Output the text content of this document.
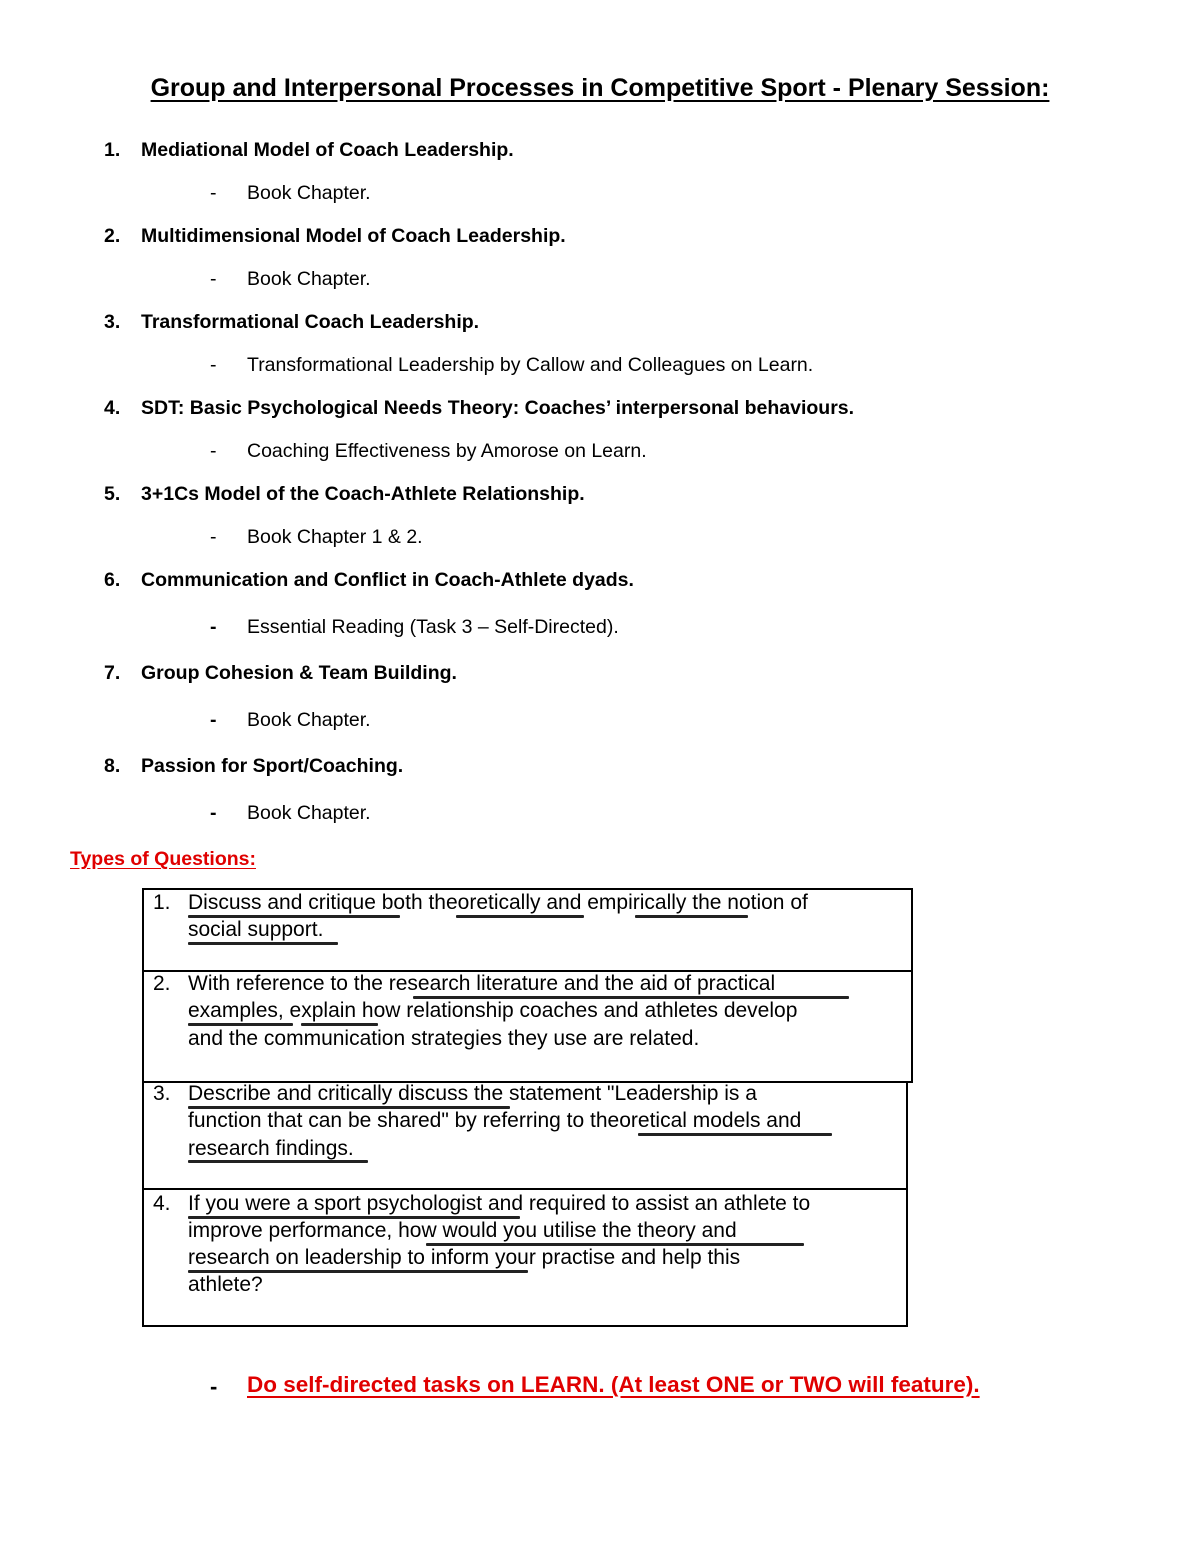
Group and Interpersonal Processes in Competitive Sport - Plenary Session:
1. Mediational Model of Coach Leadership.
- Book Chapter.
2. Multidimensional Model of Coach Leadership.
- Book Chapter.
3. Transformational Coach Leadership.
- Transformational Leadership by Callow and Colleagues on Learn.
4. SDT: Basic Psychological Needs Theory: Coaches’ interpersonal behaviours.
- Coaching Effectiveness by Amorose on Learn.
5. 3+1Cs Model of the Coach-Athlete Relationship.
- Book Chapter 1 & 2.
6. Communication and Conflict in Coach-Athlete dyads.
- Essential Reading (Task 3 – Self-Directed).
7. Group Cohesion & Team Building.
- Book Chapter.
8. Passion for Sport/Coaching.
- Book Chapter.
Types of Questions:
1. Discuss and critique both theoretically and empirically the notion of
social support.
2. With reference to the research literature and the aid of practical
examples, explain how relationship coaches and athletes develop
and the communication strategies they use are related.
3. Describe and critically discuss the statement "Leadership is a
function that can be shared" by referring to theoretical models and
research findings.
4. If you were a sport psychologist and required to assist an athlete to
improve performance, how would you utilise the theory and
research on leadership to inform your practise and help this
athlete?
- Do self-directed tasks on LEARN. (At least ONE or TWO will feature).
